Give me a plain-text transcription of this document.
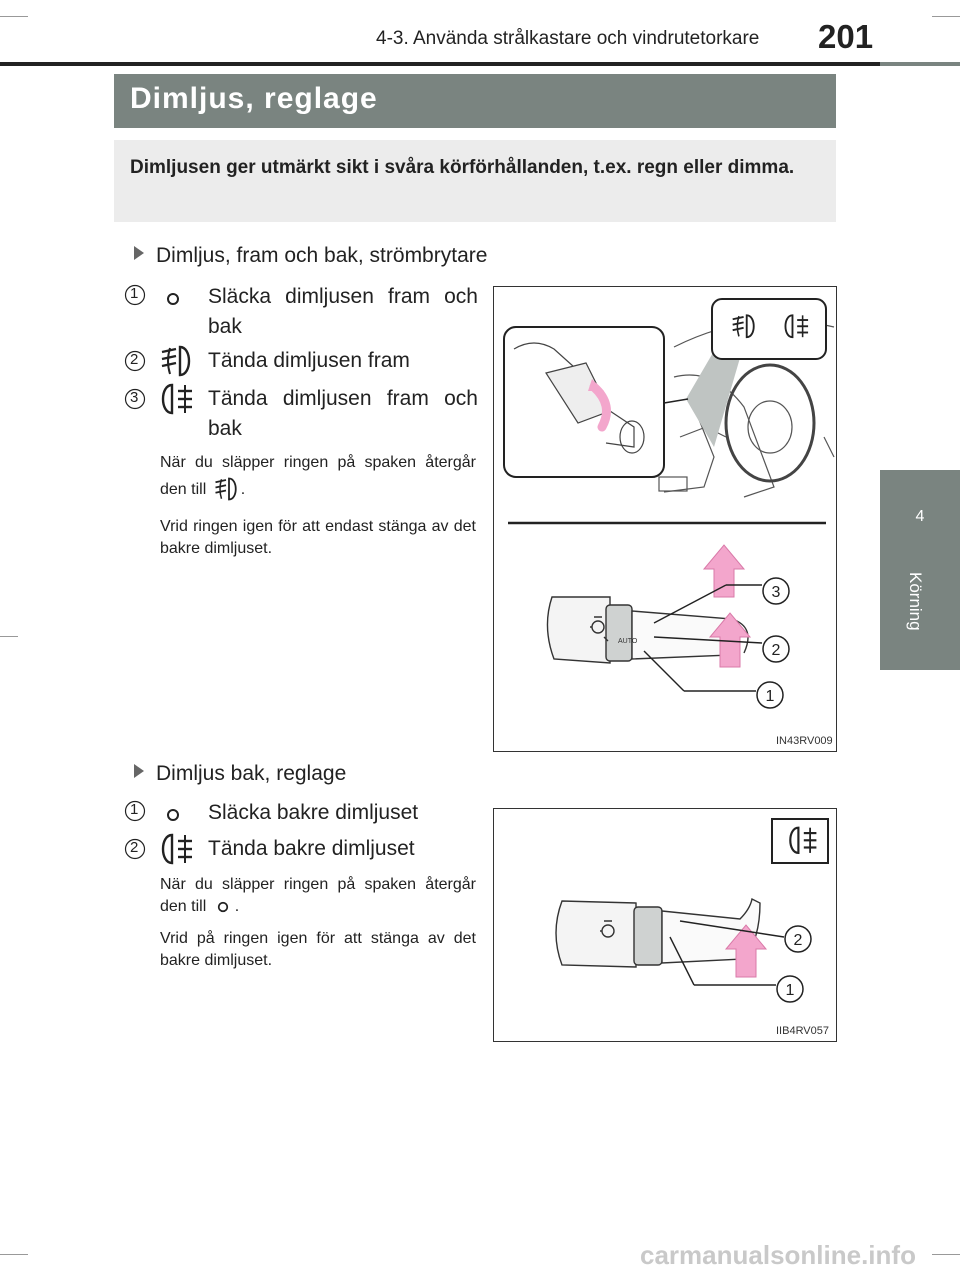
4-3. Använda strålkastare och vindrutetorkare 201
4
Körning
Dimljus, reglage

Dimljusen ger utmärkt sikt i svåra körförhållanden, t.ex. regn eller dimma.

Dimljus, fram och bak, strömbrytare
1	Släcka dimljusen fram och bak
2	Tända dimljusen fram
3	Tända dimljusen fram och bak
När du släpper ringen på spaken återgår den till .
Vrid ringen igen för att endast stänga av det bakre dimljuset.
AUTO
3
2
1
IN43RV009
Dimljus bak, reglage
1	Släcka bakre dimljuset
2	Tända bakre dimljuset
När du släpper ringen på spaken återgår den till .
Vrid på ringen igen för att stänga av det bakre dimljuset.
2
1
IIB4RV057
carmanualsonline.info
